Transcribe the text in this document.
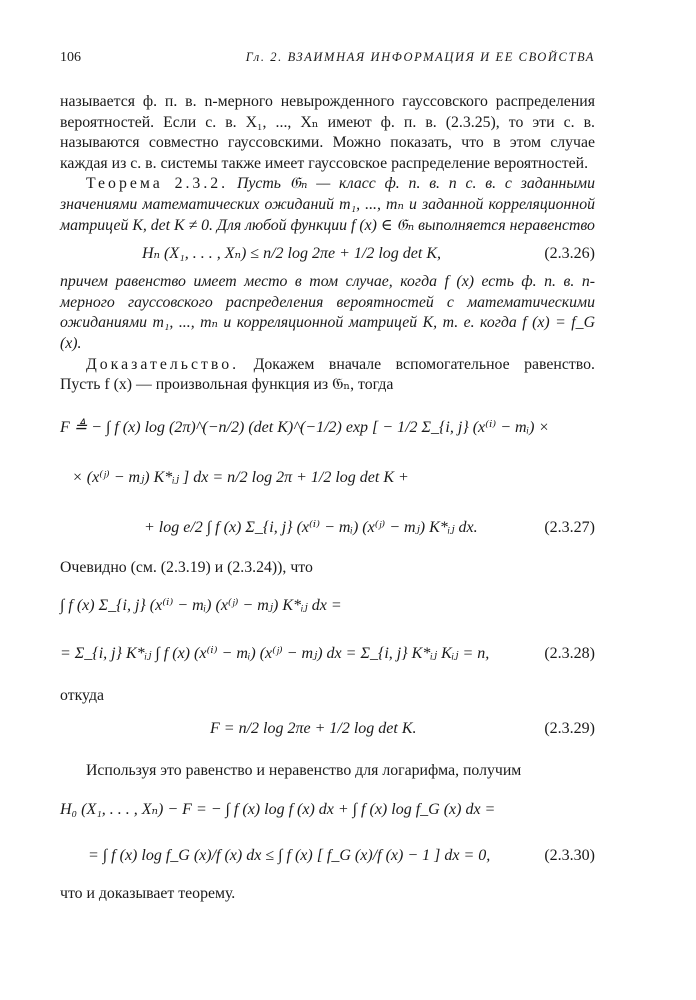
106	Гл. 2. ВЗАИМНАЯ ИНФОРМАЦИЯ И ЕЕ СВОЙСТВА

называется ф. п. в. n-мерного невырожденного гауссовского распределения вероятностей. Если с. в. X₁, ..., Xₙ имеют ф. п. в. (2.3.25), то эти с. в. называются совместно гауссовскими. Можно показать, что в этом случае каждая из с. в. системы также имеет гауссовское распределение вероятностей.

Теорема 2.3.2. Пусть 𝔊ₙ — класс ф. п. в. n с. в. с заданными значениями математических ожиданий m₁, ..., mₙ и заданной корреляционной матрицей K, det K ≠ 0. Для любой функции f (x) ∈ 𝔊ₙ выполняется неравенство

Hₙ (X₁, . . . , Xₙ) ≤ n/2 log 2πe + 1/2 log det K,	(2.3.26)

причем равенство имеет место в том случае, когда f (x) есть ф. п. в. n-мерного гауссовского распределения вероятностей с математическими ожиданиями m₁, ..., mₙ и корреляционной матрицей K, т. е. когда f (x) = f_G (x).

Доказательство. Докажем вначале вспомогательное равенство. Пусть f (x) — произвольная функция из 𝔊ₙ, тогда

F ≜ − ∫ f (x) log (2π)^(−n/2) (det K)^(−1/2) exp [ − 1/2 Σ_{i, j} (x⁽ⁱ⁾ − mᵢ) ×
× (x⁽ʲ⁾ − mⱼ) K*ᵢⱼ ] dx = n/2 log 2π + 1/2 log det K +
+ log e/2 ∫ f (x) Σ_{i, j} (x⁽ⁱ⁾ − mᵢ) (x⁽ʲ⁾ − mⱼ) K*ᵢⱼ dx.	(2.3.27)

Очевидно (см. (2.3.19) и (2.3.24)), что

∫ f (x) Σ_{i, j} (x⁽ⁱ⁾ − mᵢ) (x⁽ʲ⁾ − mⱼ) K*ᵢⱼ dx =
= Σ_{i, j} K*ᵢⱼ ∫ f (x) (x⁽ⁱ⁾ − mᵢ) (x⁽ʲ⁾ − mⱼ) dx = Σ_{i, j} K*ᵢⱼ Kᵢⱼ = n,	(2.3.28)

откуда

F = n/2 log 2πe + 1/2 log det K.	(2.3.29)

Используя это равенство и неравенство для логарифма, получим

H₀ (X₁, . . . , Xₙ) − F = − ∫ f (x) log f (x) dx + ∫ f (x) log f_G (x) dx =
= ∫ f (x) log f_G (x)/f (x) dx ≤ ∫ f (x) [ f_G (x)/f (x) − 1 ] dx = 0,	(2.3.30)

что и доказывает теорему.
